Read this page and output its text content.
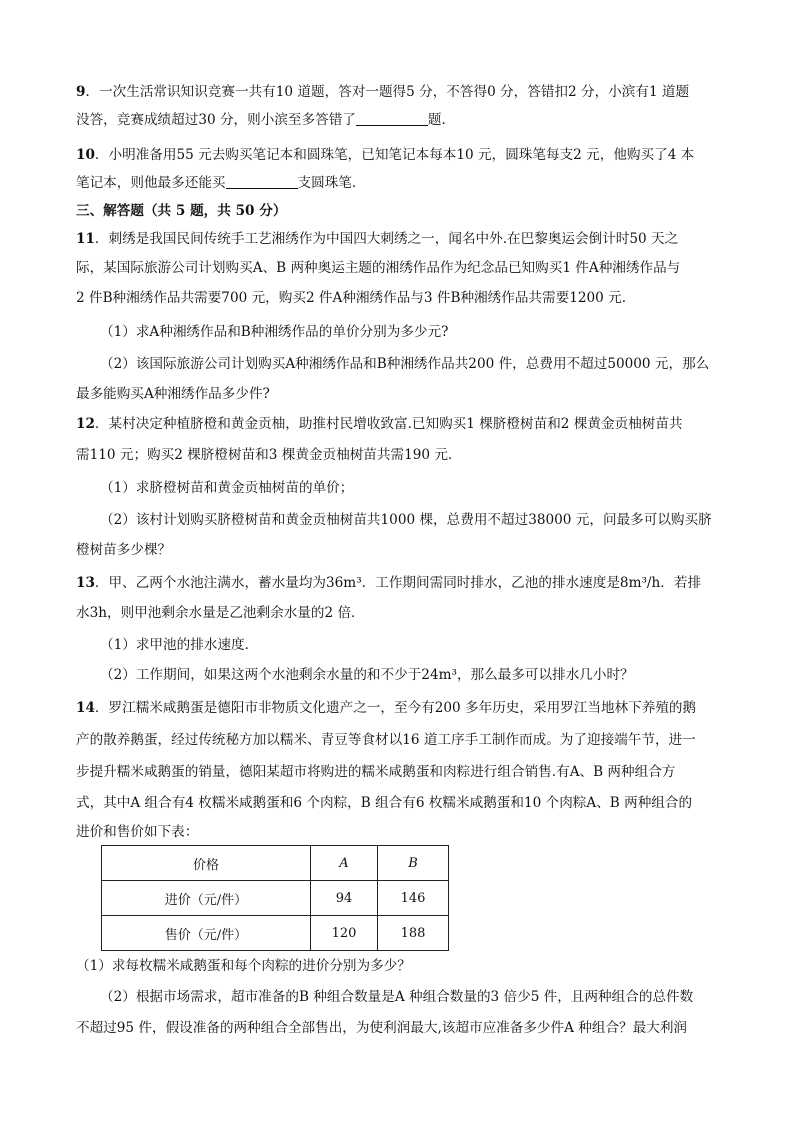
9．一次生活常识知识竞赛一共有10 道题，答对一题得5 分，不答得0 分，答错扣2 分，小滨有1 道题
没答，竞赛成绩超过30 分，则小滨至多答错了	题.
10．小明准备用55 元去购买笔记本和圆珠笔，已知笔记本每本10 元，圆珠笔每支2 元，他购买了4 本
笔记本，则他最多还能买	支圆珠笔．
三、解答题（共 5 题，共 50 分）
11．刺绣是我国民间传统手工艺湘绣作为中国四大刺绣之一，闻名中外.在巴黎奥运会倒计时50 天之
际，某国际旅游公司计划购买A、B 两种奥运主题的湘绣作品作为纪念品已知购买1 件A种湘绣作品与
2 件B种湘绣作品共需要700 元，购买2 件A种湘绣作品与3 件B种湘绣作品共需要1200 元.
（1）求A种湘绣作品和B种湘绣作品的单价分别为多少元?
（2）该国际旅游公司计划购买A种湘绣作品和B种湘绣作品共200 件，总费用不超过50000 元，那么
最多能购买A种湘绣作品多少件?
12．某村决定种植脐橙和黄金贡柚，助推村民增收致富.已知购买1 棵脐橙树苗和2 棵黄金贡柚树苗共
需110 元；购买2 棵脐橙树苗和3 棵黄金贡柚树苗共需190 元．
（1）求脐橙树苗和黄金贡柚树苗的单价；
（2）该村计划购买脐橙树苗和黄金贡柚树苗共1000 棵，总费用不超过38000 元，问最多可以购买脐
橙树苗多少棵？
13．甲、乙两个水池注满水，蓄水量均为36m³．工作期间需同时排水，乙池的排水速度是8m³/h．若排
水3h，则甲池剩余水量是乙池剩余水量的2 倍．
（1）求甲池的排水速度．
（2）工作期间，如果这两个水池剩余水量的和不少于24m³，那么最多可以排水几小时？
14．罗江糯米咸鹅蛋是德阳市非物质文化遗产之一，至今有200 多年历史，采用罗江当地林下养殖的鹅
产的散养鹅蛋，经过传统秘方加以糯米、青豆等食材以16 道工序手工制作而成。为了迎接端午节，进一
步提升糯米咸鹅蛋的销量，德阳某超市将购进的糯米咸鹅蛋和肉粽进行组合销售.有A、B 两种组合方
式，其中A 组合有4 枚糯米咸鹅蛋和6 个肉粽，B 组合有6 枚糯米咸鹅蛋和10 个肉粽A、B 两种组合的
进价和售价如下表：
价格	A	B
进价（元/件）	94	146
售价（元/件）	120	188
（1）求每枚糯米咸鹅蛋和每个肉粽的进价分别为多少？
（2）根据市场需求，超市准备的B 种组合数量是A 种组合数量的3 倍少5 件，且两种组合的总件数
不超过95 件，假设准备的两种组合全部售出，为使利润最大,该超市应准备多少件A 种组合？最大利润
